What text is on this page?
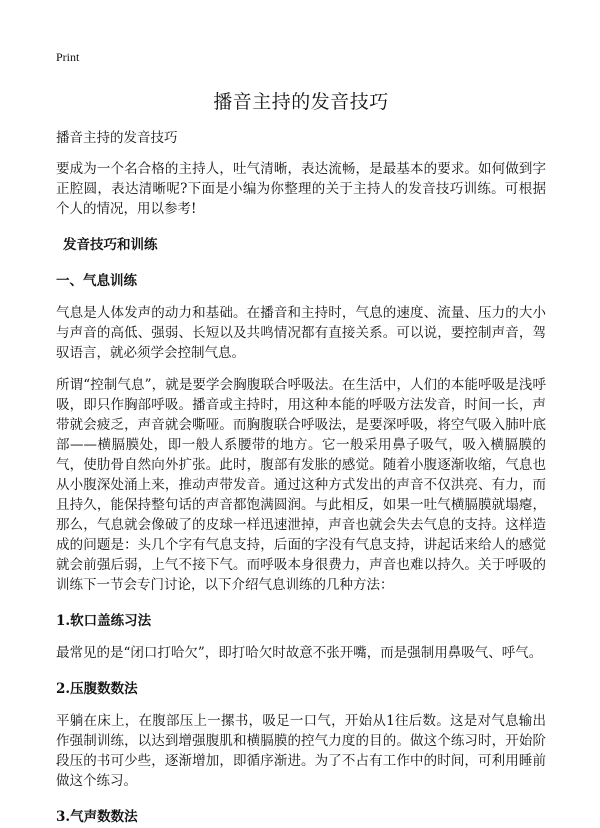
Print
播音主持的发音技巧
播音主持的发音技巧

要成为一个名合格的主持人，吐气清晰，表达流畅，是最基本的要求。如何做到字正腔圆，表达清晰呢?下面是小编为你整理的关于主持人的发音技巧训练。可根据个人的情况，用以参考!

发音技巧和训练
一、气息训练

气息是人体发声的动力和基础。在播音和主持时，气息的速度、流量、压力的大小与声音的高低、强弱、长短以及共鸣情况都有直接关系。可以说，要控制声音，驾驭语言，就必须学会控制气息。

所谓“控制气息”，就是要学会胸腹联合呼吸法。在生活中，人们的本能呼吸是浅呼吸，即只作胸部呼吸。播音或主持时，用这种本能的呼吸方法发音，时间一长，声带就会疲乏，声音就会嘶哑。而胸腹联合呼吸法，是要深呼吸，将空气吸入肺叶底部——横膈膜处，即一般人系腰带的地方。它一般采用鼻子吸气，吸入横膈膜的气，使肋骨自然向外扩张。此时，腹部有发胀的感觉。随着小腹逐渐收缩，气息也从小腹深处涌上来，推动声带发音。通过这种方式发出的声音不仅洪亮、有力，而且持久，能保持整句话的声音都饱满圆润。与此相反，如果一吐气横膈膜就塌瘪，那么，气息就会像破了的皮球一样迅速泄掉，声音也就会失去气息的支持。这样造成的问题是：头几个字有气息支持，后面的字没有气息支持，讲起话来给人的感觉就会前强后弱，上气不接下气。而呼吸本身很费力，声音也难以持久。关于呼吸的训练下一节会专门讨论，以下介绍气息训练的几种方法：

1.软口盖练习法

最常见的是“闭口打哈欠”，即打哈欠时故意不张开嘴，而是强制用鼻吸气、呼气。

2.压腹数数法

平躺在床上，在腹部压上一摞书，吸足一口气，开始从1往后数。这是对气息输出作强制训练，以达到增强腹肌和横膈膜的控气力度的目的。做这个练习时，开始阶段压的书可少些，逐渐增加，即循序渐进。为了不占有工作中的时间，可利用睡前做这个练习。

3.气声数数法
